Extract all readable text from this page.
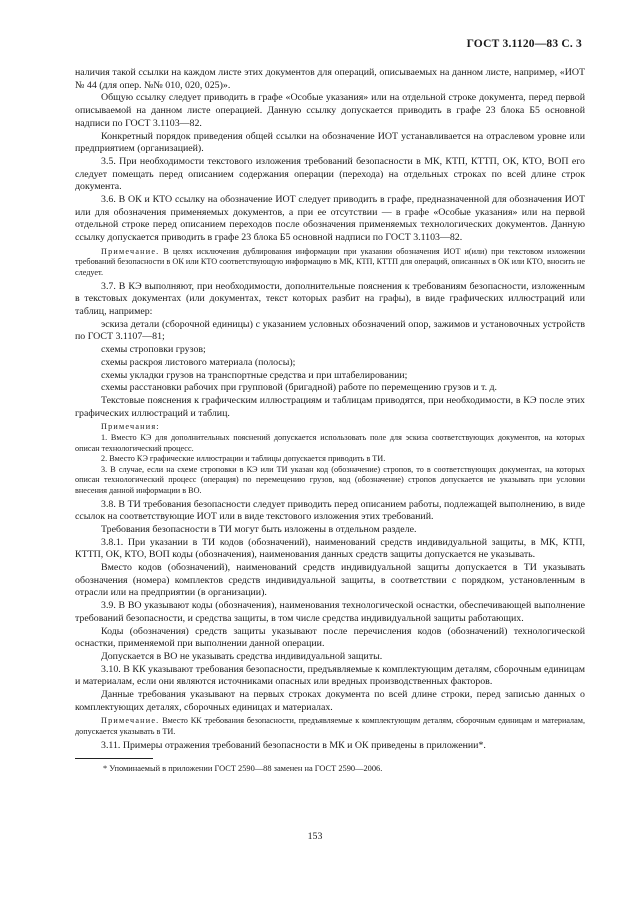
ГОСТ 3.1120—83 С. 3

наличия такой ссылки на каждом листе этих документов для операций, описываемых на данном листе, например, «ИОТ № 44 (для опер. №№ 010, 020, 025)».

Общую ссылку следует приводить в графе «Особые указания» или на отдельной строке документа, перед первой описываемой на данном листе операцией. Данную ссылку допускается приводить в графе 23 блока Б5 основной надписи по ГОСТ 3.1103—82.

Конкретный порядок приведения общей ссылки на обозначение ИОТ устанавливается на отраслевом уровне или предприятием (организацией).

3.5. При необходимости текстового изложения требований безопасности в МК, КТП, КТТП, ОК, КТО, ВОП его следует помещать перед описанием содержания операции (перехода) на отдельных строках по всей длине строк документа.

3.6. В ОК и КТО ссылку на обозначение ИОТ следует приводить в графе, предназначенной для обозначения ИОТ или для обозначения применяемых документов, а при ее отсутствии — в графе «Особые указания» или на первой отдельной строке перед описанием переходов после обозначения применяемых технологических документов. Данную ссылку допускается приводить в графе 23 блока Б5 основной надписи по ГОСТ 3.1103—82.

Примечание. В целях исключения дублирования информации при указании обозначения ИОТ и(или) при текстовом изложении требований безопасности в ОК или КТО соответствующую информацию в МК, КТП, КТТП для операций, описанных в ОК или КТО, вносить не следует.

3.7. В КЭ выполняют, при необходимости, дополнительные пояснения к требованиям безопасности, изложенным в текстовых документах (или документах, текст которых разбит на графы), в виде графических иллюстраций или таблиц, например:

эскиза детали (сборочной единицы) с указанием условных обозначений опор, зажимов и установочных устройств по ГОСТ 3.1107—81;

схемы строповки грузов;

схемы раскроя листового материала (полосы);

схемы укладки грузов на транспортные средства и при штабелировании;

схемы расстановки рабочих при групповой (бригадной) работе по перемещению грузов и т. д.

Текстовые пояснения к графическим иллюстрациям и таблицам приводятся, при необходимости, в КЭ после этих графических иллюстраций и таблиц.

Примечания:

1. Вместо КЭ для дополнительных пояснений допускается использовать поле для эскиза соответствующих документов, на которых описан технологический процесс.

2. Вместо КЭ графические иллюстрации и таблицы допускается приводить в ТИ.

3. В случае, если на схеме строповки в КЭ или ТИ указан код (обозначение) стропов, то в соответствующих документах, на которых описан технологический процесс (операция) по перемещению грузов, код (обозначение) стропов допускается не указывать при условии внесения данной информации в ВО.

3.8. В ТИ требования безопасности следует приводить перед описанием работы, подлежащей выполнению, в виде ссылок на соответствующие ИОТ или в виде текстового изложения этих требований.

Требования безопасности в ТИ могут быть изложены в отдельном разделе.

3.8.1. При указании в ТИ кодов (обозначений), наименований средств индивидуальной защиты, в МК, КТП, КТТП, ОК, КТО, ВОП коды (обозначения), наименования данных средств защиты допускается не указывать.

Вместо кодов (обозначений), наименований средств индивидуальной защиты допускается в ТИ указывать обозначения (номера) комплектов средств индивидуальной защиты, в соответствии с порядком, установленным в отрасли или на предприятии (в организации).

3.9. В ВО указывают коды (обозначения), наименования технологической оснастки, обеспечивающей выполнение требований безопасности, и средства защиты, в том числе средства индивидуальной защиты работающих.

Коды (обозначения) средств защиты указывают после перечисления кодов (обозначений) технологической оснастки, применяемой при выполнении данной операции.

Допускается в ВО не указывать средства индивидуальной защиты.

3.10. В КК указывают требования безопасности, предъявляемые к комплектующим деталям, сборочным единицам и материалам, если они являются источниками опасных или вредных производственных факторов.

Данные требования указывают на первых строках документа по всей длине строки, перед записью данных о комплектующих деталях, сборочных единицах и материалах.

Примечание. Вместо КК требования безопасности, предъявляемые к комплектующим деталям, сборочным единицам и материалам, допускается указывать в ТИ.

3.11. Примеры отражения требований безопасности в МК и ОК приведены в приложении*.

* Упоминаемый в приложении ГОСТ 2590—88 заменен на ГОСТ 2590—2006.

153
